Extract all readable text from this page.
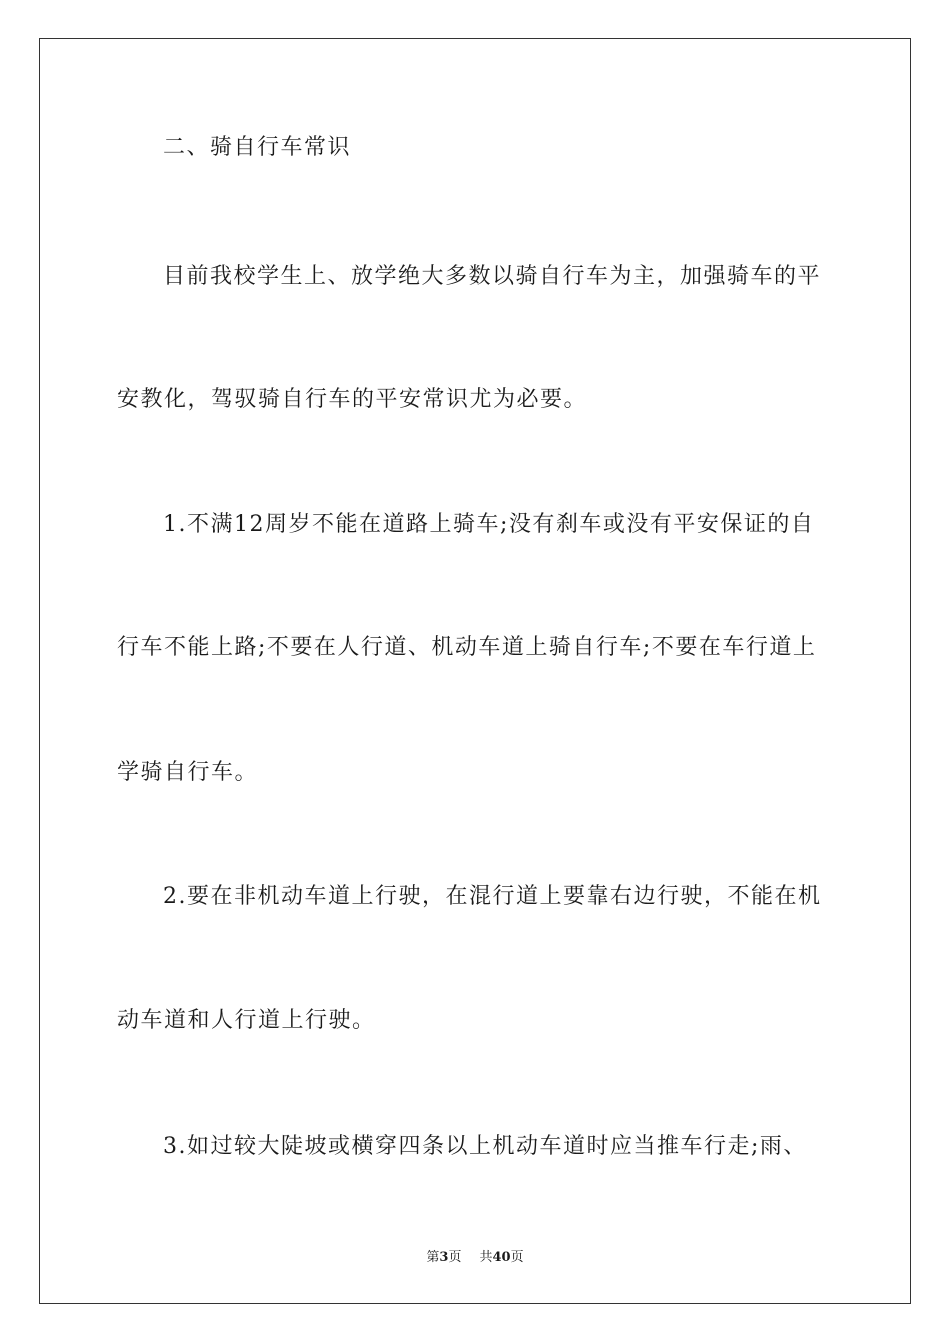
二、骑自行车常识
目前我校学生上、放学绝大多数以骑自行车为主，加强骑车的平
安教化，驾驭骑自行车的平安常识尤为必要。
1.不满12周岁不能在道路上骑车;没有刹车或没有平安保证的自
行车不能上路;不要在人行道、机动车道上骑自行车;不要在车行道上
学骑自行车。
2.要在非机动车道上行驶，在混行道上要靠右边行驶，不能在机
动车道和人行道上行驶。
3.如过较大陡坡或横穿四条以上机动车道时应当推车行走;雨、
第3页 共40页
